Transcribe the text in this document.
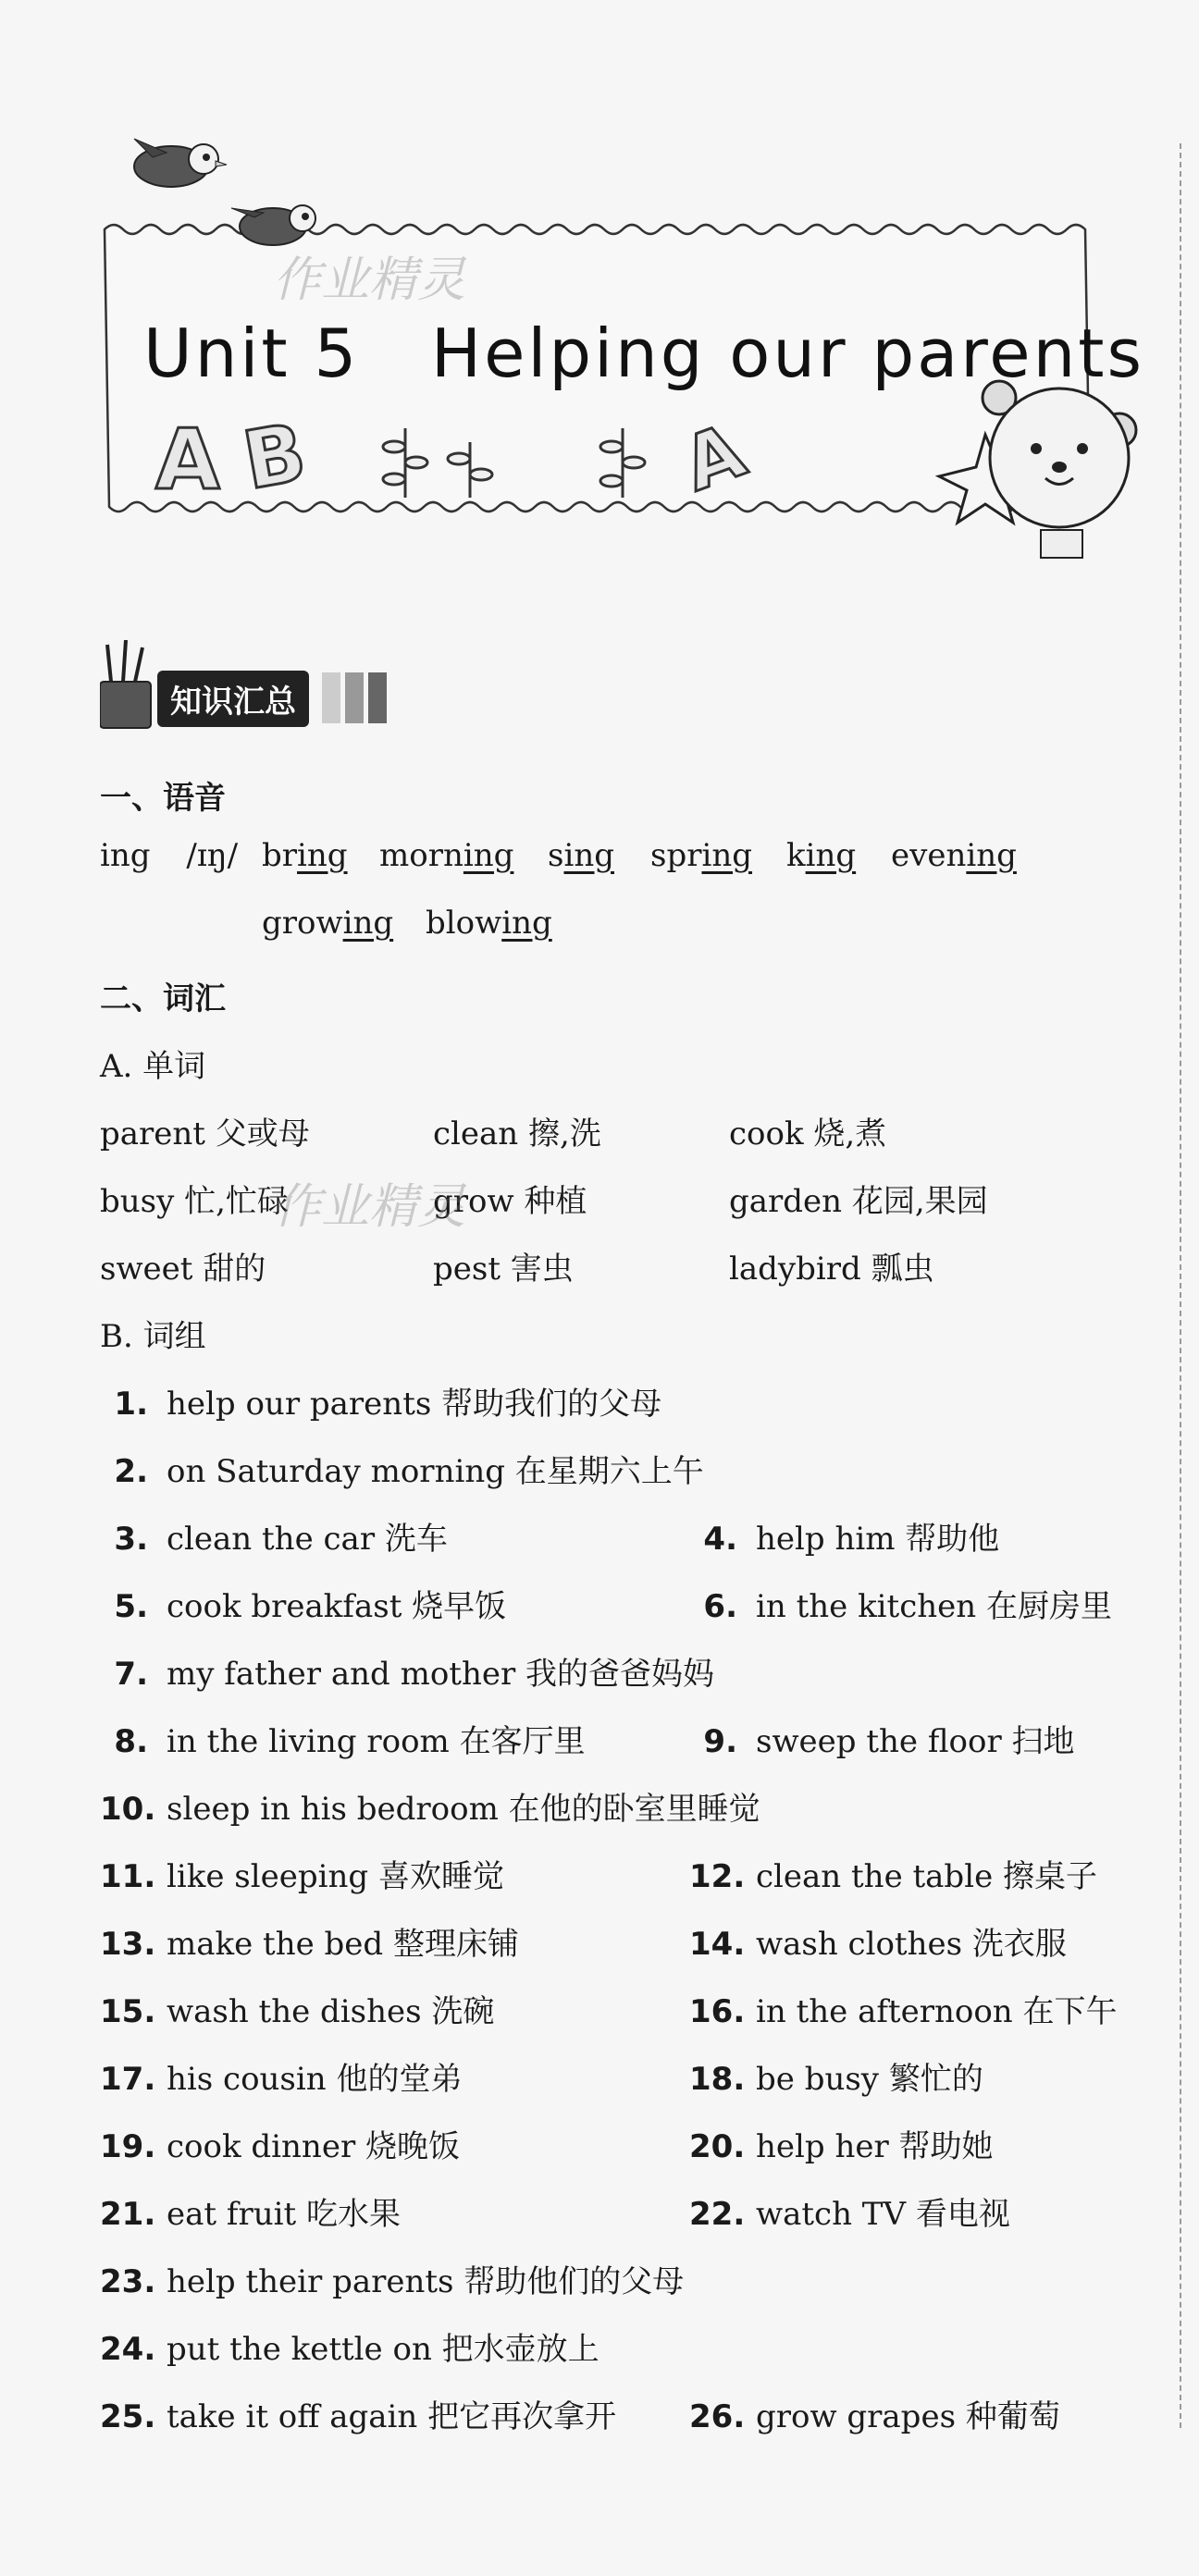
A B	A
Unit 5   Helping our parents
作业精灵
知识汇总
一、语音
ing /ɪŋ/ bring morning sing spring king evening
growing blowing
二、词汇
A. 单词
parent 父或母	clean 擦,洗	cook 烧,煮
busy 忙,忙碌	grow 种植	garden 花园,果园
sweet 甜的	pest 害虫	ladybird 瓢虫
作业精灵
B. 词组
1. help our parents 帮助我们的父母
2. on Saturday morning 在星期六上午
3. clean the car 洗车	4. help him 帮助他
5. cook breakfast 烧早饭	6. in the kitchen 在厨房里
7. my father and mother 我的爸爸妈妈
8. in the living room 在客厅里	9. sweep the floor 扫地
10. sleep in his bedroom 在他的卧室里睡觉
11. like sleeping 喜欢睡觉	12. clean the table 擦桌子
13. make the bed 整理床铺	14. wash clothes 洗衣服
15. wash the dishes 洗碗	16. in the afternoon 在下午
17. his cousin 他的堂弟	18. be busy 繁忙的
19. cook dinner 烧晚饭	20. help her 帮助她
21. eat fruit 吃水果	22. watch TV 看电视
23. help their parents 帮助他们的父母
24. put the kettle on 把水壶放上
25. take it off again 把它再次拿开 26. grow grapes 种葡萄
